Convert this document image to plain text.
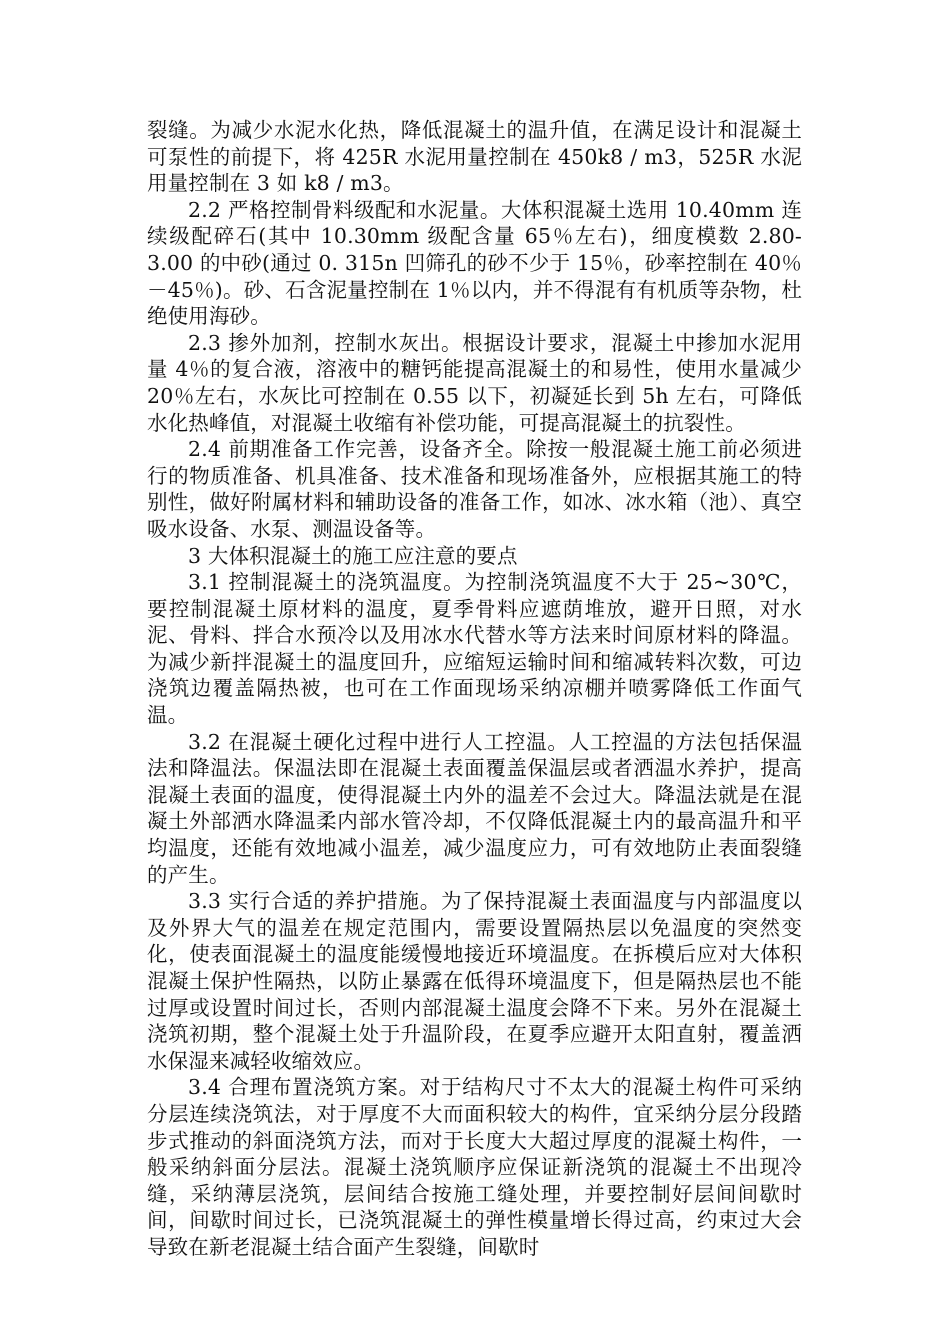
裂缝。为减少水泥水化热，降低混凝土的温升值，在满足设计和混凝土可泵性的前提下，将 425R 水泥用量控制在 450k8 / m3，525R 水泥用量控制在 3 如 k8 / m3。

2.2 严格控制骨料级配和水泥量。大体积混凝土选用 10.40mm 连续级配碎石(其中 10.30mm 级配含量 65％左右)，细度模数 2.80-3.00 的中砂(通过 0. 315n 凹筛孔的砂不少于 15％，砂率控制在 40％－45％)。砂、石含泥量控制在 1％以内，并不得混有有机质等杂物，杜绝使用海砂。

2.3 掺外加剂，控制水灰出。根据设计要求，混凝土中掺加水泥用量 4％的复合液，溶液中的糖钙能提高混凝土的和易性，使用水量减少 20％左右，水灰比可控制在 0.55 以下，初凝延长到 5h 左右，可降低水化热峰值，对混凝土收缩有补偿功能，可提高混凝土的抗裂性。

2.4 前期准备工作完善，设备齐全。除按一般混凝土施工前必须进行的物质准备、机具准备、技术准备和现场准备外，应根据其施工的特别性，做好附属材料和辅助设备的准备工作，如冰、冰水箱（池）、真空吸水设备、水泵、测温设备等。

3 大体积混凝土的施工应注意的要点

3.1 控制混凝土的浇筑温度。为控制浇筑温度不大于 25~30℃，要控制混凝土原材料的温度，夏季骨料应遮荫堆放，避开日照，对水泥、骨料、拌合水预冷以及用冰水代替水等方法来时间原材料的降温。为减少新拌混凝土的温度回升，应缩短运输时间和缩减转料次数，可边浇筑边覆盖隔热被，也可在工作面现场采纳凉棚并喷雾降低工作面气温。

3.2 在混凝土硬化过程中进行人工控温。人工控温的方法包括保温法和降温法。保温法即在混凝土表面覆盖保温层或者洒温水养护，提高混凝土表面的温度，使得混凝土内外的温差不会过大。降温法就是在混凝土外部洒水降温柔内部水管冷却，不仅降低混凝土内的最高温升和平均温度，还能有效地减小温差，减少温度应力，可有效地防止表面裂缝的产生。

3.3 实行合适的养护措施。为了保持混凝土表面温度与内部温度以及外界大气的温差在规定范围内，需要设置隔热层以免温度的突然变化，使表面混凝土的温度能缓慢地接近环境温度。在拆模后应对大体积混凝土保护性隔热，以防止暴露在低得环境温度下，但是隔热层也不能过厚或设置时间过长，否则内部混凝土温度会降不下来。另外在混凝土浇筑初期，整个混凝土处于升温阶段，在夏季应避开太阳直射，覆盖洒水保湿来减轻收缩效应。

3.4 合理布置浇筑方案。对于结构尺寸不太大的混凝土构件可采纳分层连续浇筑法，对于厚度不大而面积较大的构件，宜采纳分层分段踏步式推动的斜面浇筑方法，而对于长度大大超过厚度的混凝土构件，一般采纳斜面分层法。混凝土浇筑顺序应保证新浇筑的混凝土不出现冷缝，采纳薄层浇筑，层间结合按施工缝处理，并要控制好层间间歇时间，间歇时间过长，已浇筑混凝土的弹性模量增长得过高，约束过大会导致在新老混凝土结合面产生裂缝，间歇时
